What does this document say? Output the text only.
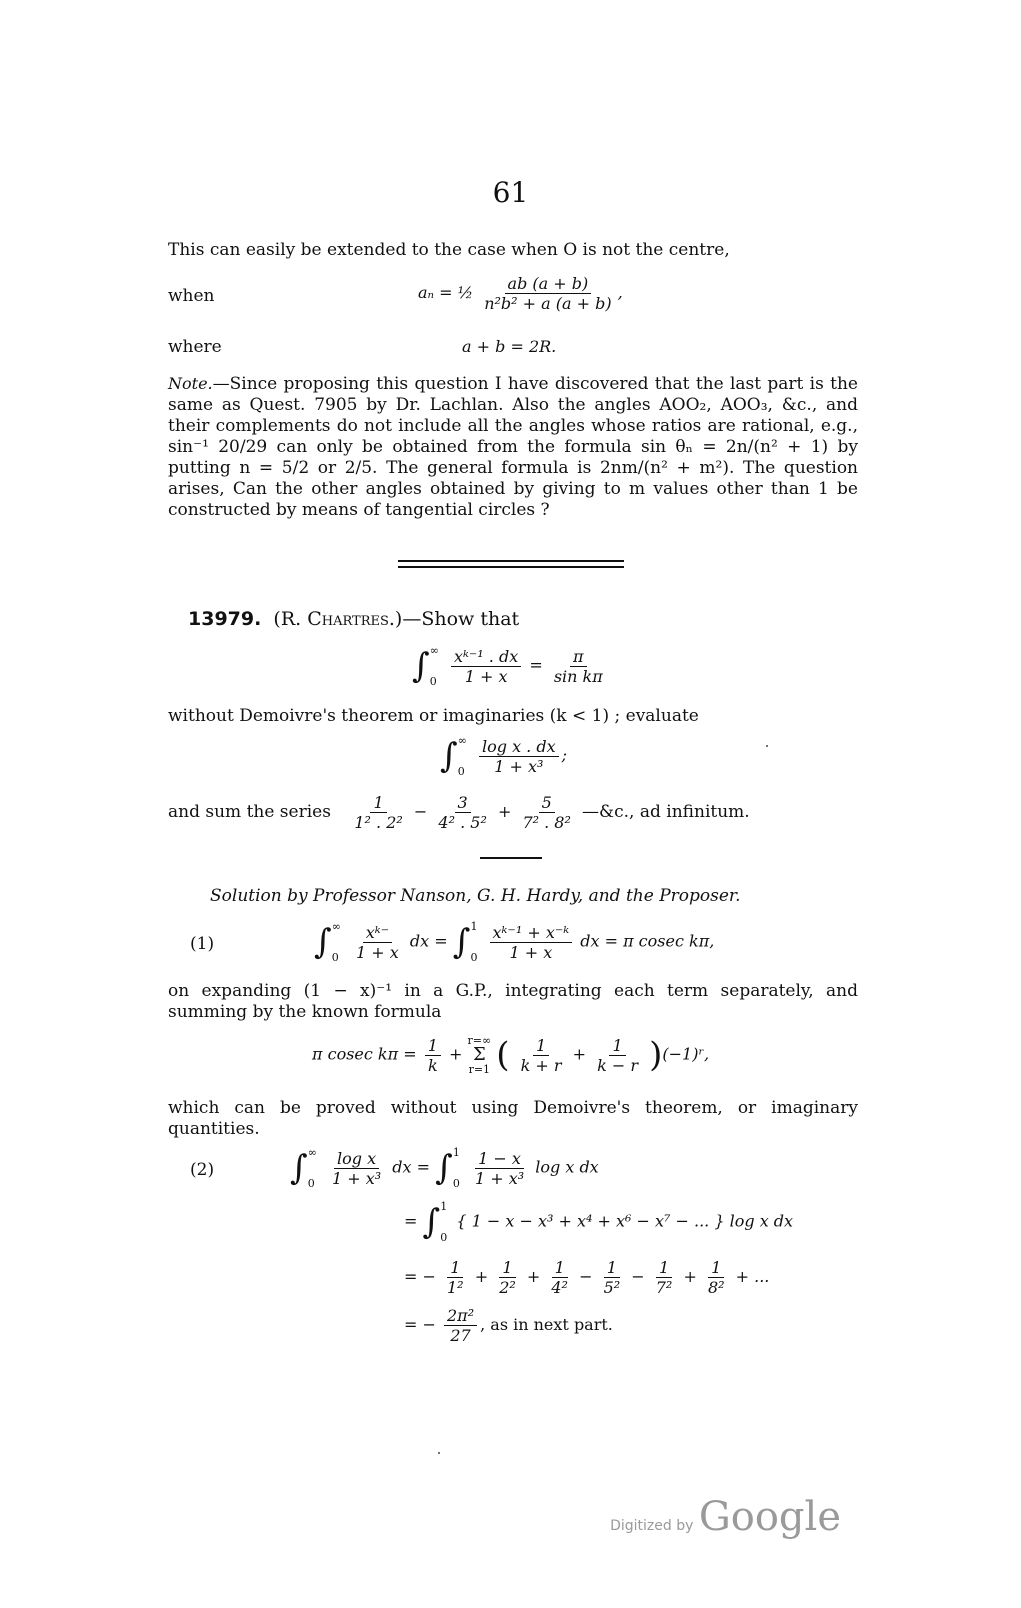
61
This can easily be extended to the case when O is not the centre,
when	aₙ = ½ $\frac{ab (a + b)}{\text{n²b² + a (a + b)}}$ ,
where	a + b = 2R.
Note.—Since proposing this question I have discovered that the last part is the same as Quest. 7905 by Dr. Lachlan. Also the angles AOO₂, AOO₃, &c., and their complements do not include all the angles whose ratios are rational, e.g., sin⁻¹ 20/29 can only be obtained from the formula sin θₙ = 2n/(n² + 1) by putting n = 5/2 or 2/5. The general formula is 2nm/(n² + m²). The question arises, Can the other angles obtained by giving to m values other than 1 be constructed by means of tangential circles ?
13979. (R. Chartres.)—Show that
∫ ∞
0
$\frac{\text{xᵏ⁻¹ . dx}}{1 + x} = \frac{\pi}{\text{sin kπ}}$
without Demoivre's theorem or imaginaries (k < 1) ; evaluate
∫ ∞
0
$\frac{\text{log x . dx}}{\text{1 + x³}}$ ;
and sum the series $\frac{1}{\text{1² . 2²}} - \frac{3}{\text{4² . 5²}} + \frac{5}{\text{7² . 8²}}$ —&c., ad infinitum.
Solution by Professor Nanson, G. H. Hardy, and the Proposer.
(1)	∫ ∞
0
$\frac{\text{xᵏ⁻}}{1 + x}$ dx = ∫ 1
0
$\frac{\text{xᵏ⁻¹ + x⁻ᵏ}}{1 + x}$ dx = π cosec kπ,
on expanding (1 − x)⁻¹ in a G.P., integrating each term separately, and summing by the known formula
π cosec $k\pi = \frac{1}{k}$ +
r=∞
Σ
r=1 ( $\frac{1}{k + r} + \frac{1}{k - r}$ )(−1)ʳ,
which can be proved without using Demoivre's theorem, or imaginary quantities.
(2) ∫ ∞
0
$\frac{\text{log x}}{\text{1 + x³}}$ dx = ∫ 1
0
$\frac{1 - x}{\text{1 + x³}}$ log x dx
= ∫ 1
0
{ 1 − x − x³ + x⁴ + x⁶ − x⁷ − ... } log x dx
= − $\frac{1}{\text{1²}} + \frac{1}{\text{2²}} + \frac{1}{\text{4²}} - \frac{1}{\text{5²}} - \frac{1}{\text{7²}} + \frac{1}{\text{8²}}$ + ...
= − $\frac{\text{2π²}}{27}$ , as in next part.
Digitized by Google
